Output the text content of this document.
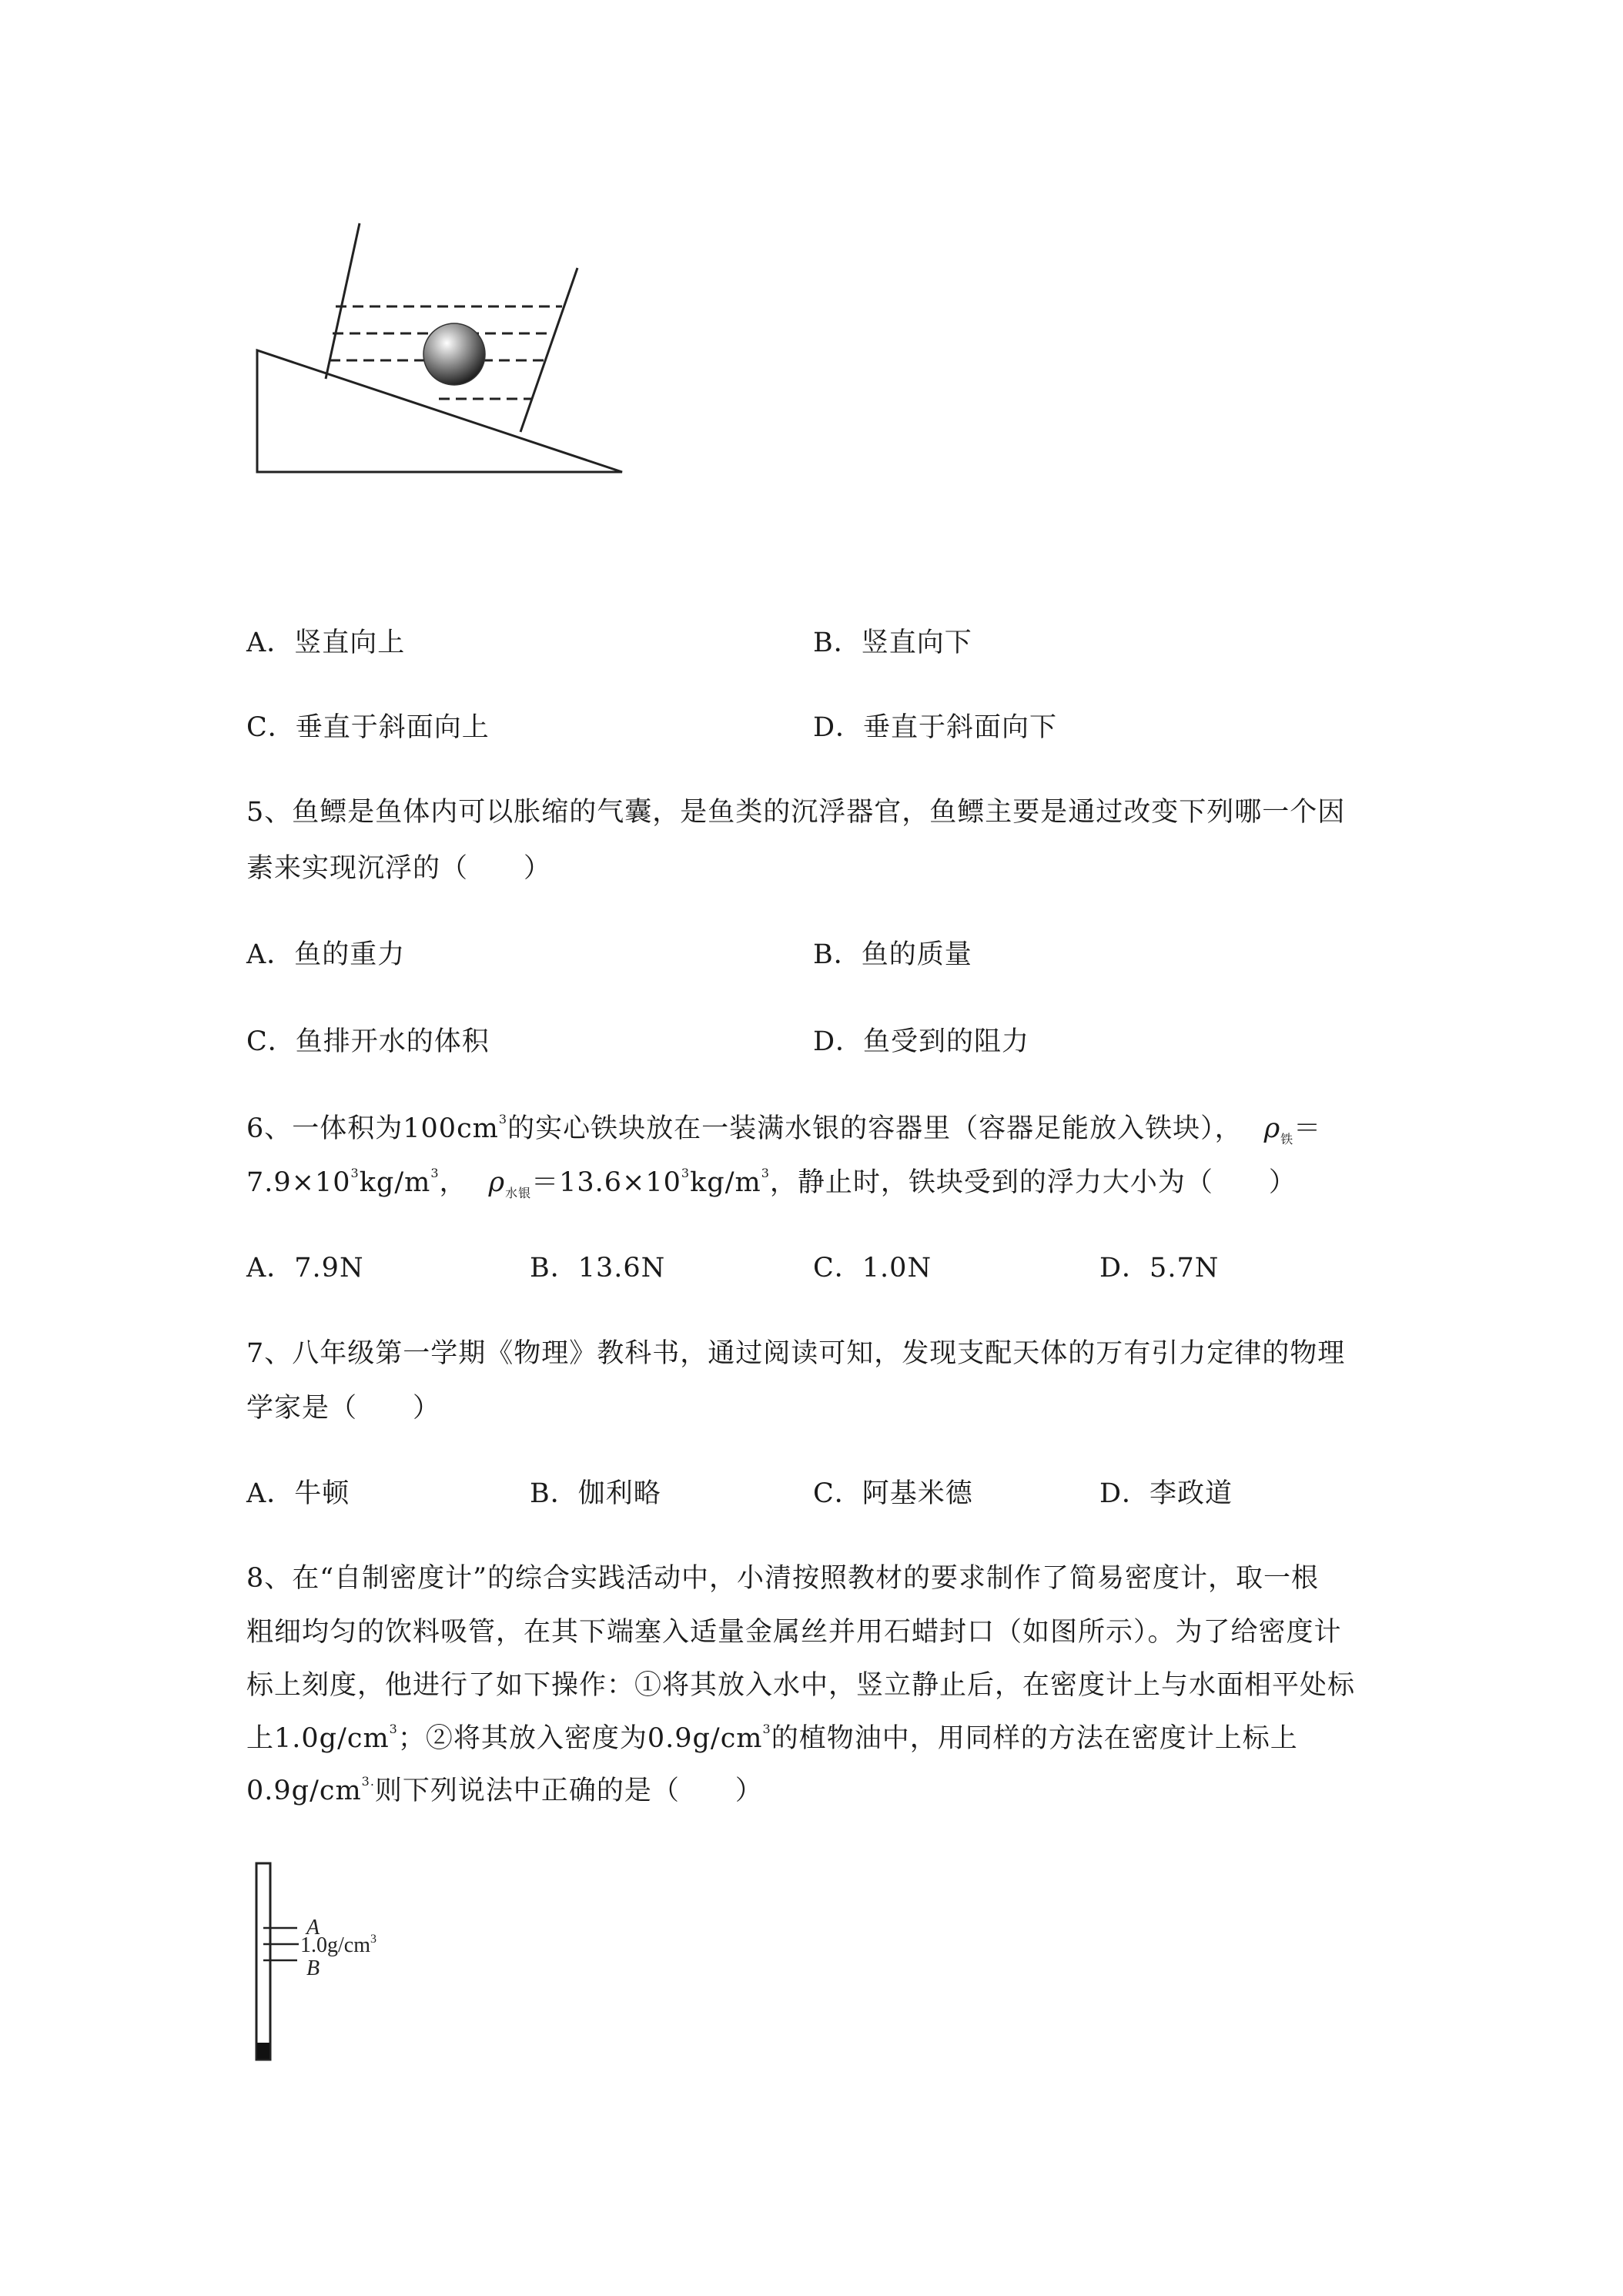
A．竖直向上	B．竖直向下
C．垂直于斜面向上	D．垂直于斜面向下
5、鱼鳔是鱼体内可以胀缩的气囊，是鱼类的沉浮器官，鱼鳔主要是通过改变下列哪一个因
素来实现沉浮的（　　）
A．鱼的重力	B．鱼的质量
C．鱼排开水的体积	D．鱼受到的阻力
6、一体积为$100cm^3$的实心铁块放在一装满水银的容器里（容器足能放入铁块）， $\rho_铁=$
$7.9\times 10^3kg/m^3$， $\rho_{水银}=13.6\times 10^3kg/m^3$，静止时，铁块受到的浮力大小为（　　）
A．7.9N	B．13.6N	C．1.0N	D．5.7N
7、八年级第一学期《物理》教科书，通过阅读可知，发现支配天体的万有引力定律的物理
学家是（　　）
A．牛顿	B．伽利略	C．阿基米德	D．李政道
8、在“自制密度计”的综合实践活动中，小清按照教材的要求制作了简易密度计，取一根
粗细均匀的饮料吸管，在其下端塞入适量金属丝并用石蜡封口（如图所示）。为了给密度计
标上刻度，他进行了如下操作：①将其放入水中，竖立静止后，在密度计上与水面相平处标
上$1.0g/cm^3$；②将其放入密度为$0.9g/cm^3$的植物油中，用同样的方法在密度计上标上
$0.9g/cm^{3.}$则下列说法中正确的是（　　）
A
$1.0g/cm^3$
B
